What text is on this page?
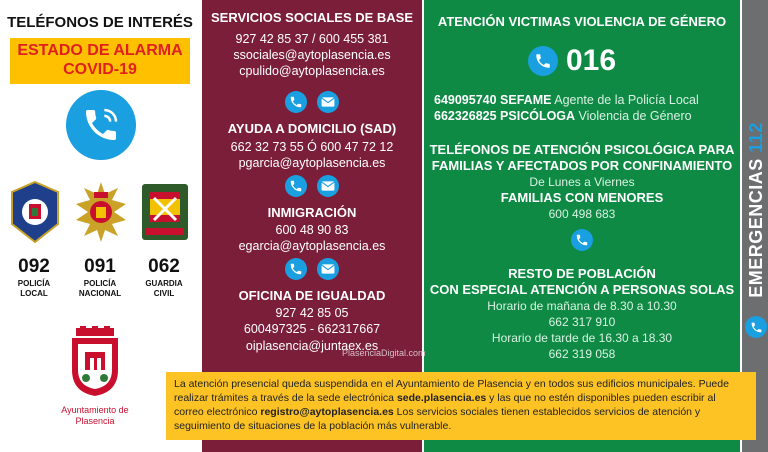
TELÉFONOS DE INTERÉS
ESTADO DE ALARMA
COVID-19
092	091	062
POLICÍA
LOCAL
POLICÍA
NACIONAL
GUARDIA
CIVIL
Ayuntamiento de
Plasencia
SERVICIOS SOCIALES DE BASE
927 42 85 37 / 600 455 381
ssociales@aytoplasencia.es
cpulido@aytoplasencia.es
AYUDA A DOMICILIO (SAD)
662 32 73 55 Ó 600 47 72 12
pgarcia@aytoplasencia.es
INMIGRACIÓN
600 48 90 83
egarcia@aytoplasencia.es
OFICINA DE IGUALDAD
927 42 85 05
600497325 - 662317667
oiplasencia@juntaex.es
ATENCIÓN VICTIMAS VIOLENCIA DE GÉNERO
016
649095740 SEFAME Agente de la Policía Local
662326825 PSICÓLOGA Violencia de Género
TELÉFONOS DE ATENCIÓN PSICOLÓGICA PARA
FAMILIAS Y AFECTADOS POR CONFINAMIENTO
De Lunes a Viernes
FAMILIAS CON MENORES
600 498 683
RESTO DE POBLACIÓN
CON ESPECIAL ATENCIÓN A PERSONAS SOLAS
Horario de mañana de 8.30 a 10.30
662 317 910
Horario de tarde de 16.30 a 18.30
662 319 058
EMERGENCIAS 112
PlasenciaDigital.com
La atención presencial queda suspendida en el Ayuntamiento de Plasencia y en todos sus edificios municipales. Puede realizar trámites a través de la sede electrónica sede.plasencia.es y las que no estén disponibles pueden escribir al correo electrónico registro@aytoplasencia.es Los servicios sociales tienen establecidos servicios de atención y seguimiento de situaciones de la población más vulnerable.
